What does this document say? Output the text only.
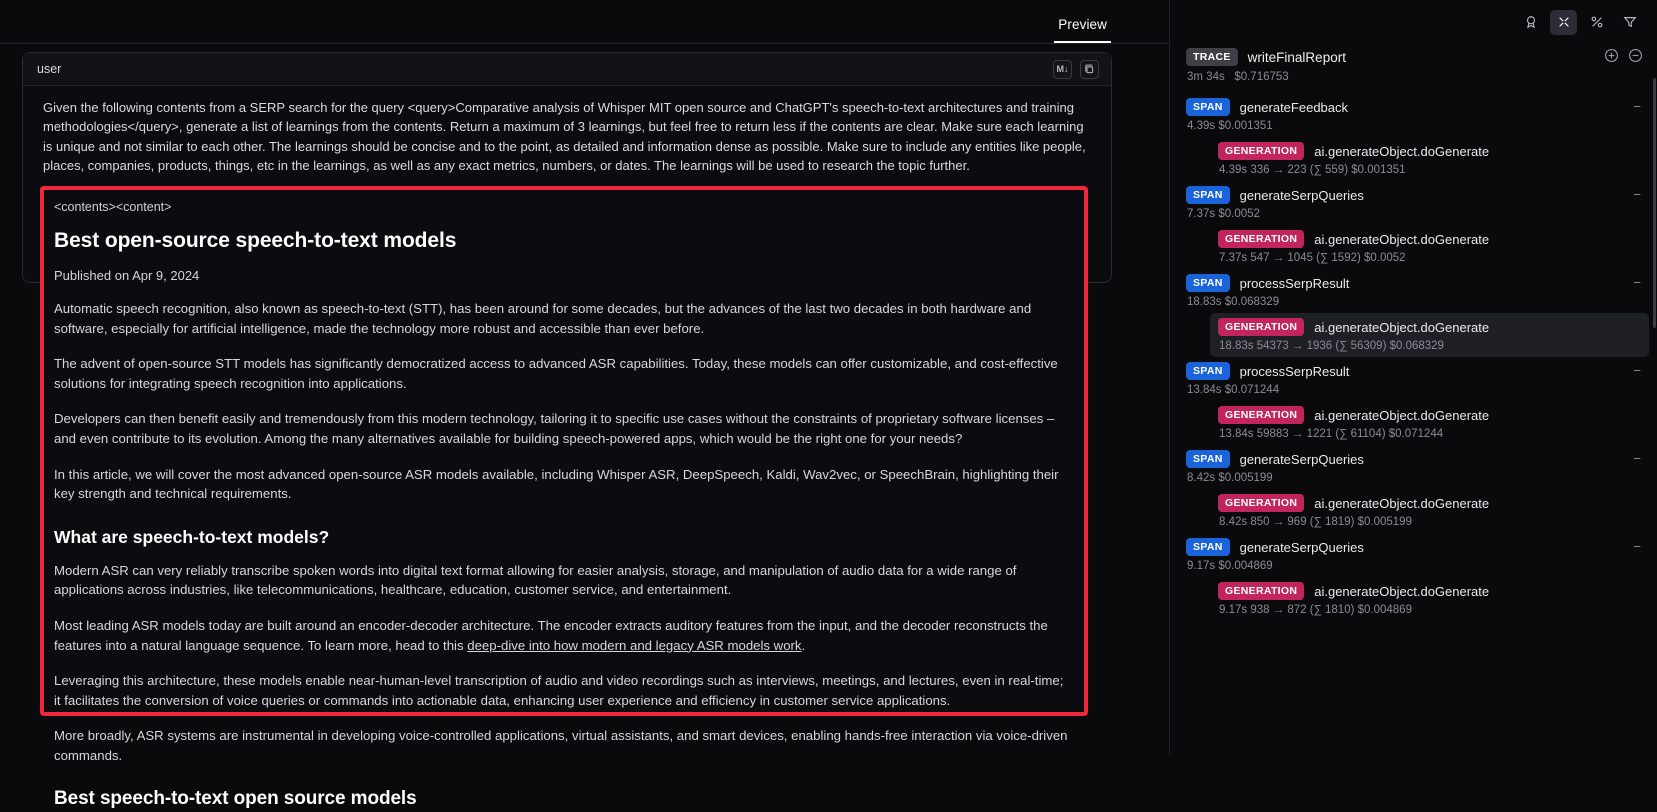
Preview
user	M↓

Given the following contents from a SERP search for the query <query>Comparative analysis of Whisper MIT open source and ChatGPT's speech-to-text architectures and training methodologies</query>, generate a list of learnings from the contents. Return a maximum of 3 learnings, but feel free to return less if the contents are clear. Make sure each learning is unique and not similar to each other. The learnings should be concise and to the point, as detailed and information dense as possible. Make sure to include any entities like people, places, companies, products, things, etc in the learnings, as well as any exact metrics, numbers, or dates. The learnings will be used to research the topic further.

<contents><content>
Best open-source speech-to-text models
Published on Apr 9, 2024

Automatic speech recognition, also known as speech-to-text (STT), has been around for some decades, but the advances of the last two decades in both hardware and software, especially for artificial intelligence, made the technology more robust and accessible than ever before.

The advent of open-source STT models has significantly democratized access to advanced ASR capabilities. Today, these models can offer customizable, and cost-effective solutions for integrating speech recognition into applications.

Developers can then benefit easily and tremendously from this modern technology, tailoring it to specific use cases without the constraints of proprietary software licenses – and even contribute to its evolution. Among the many alternatives available for building speech-powered apps, which would be the right one for your needs?

In this article, we will cover the most advanced open-source ASR models available, including Whisper ASR, DeepSpeech, Kaldi, Wav2vec, or SpeechBrain, highlighting their key strength and technical requirements.

What are speech-to-text models?

Modern ASR can very reliably transcribe spoken words into digital text format allowing for easier analysis, storage, and manipulation of audio data for a wide range of applications across industries, like telecommunications, healthcare, education, customer service, and entertainment.

Most leading ASR models today are built around an encoder-decoder architecture. The encoder extracts auditory features from the input, and the decoder reconstructs the features into a natural language sequence. To learn more, head to this deep-dive into how modern and legacy ASR models work.

Leveraging this architecture, these models enable near-human-level transcription of audio and video recordings such as interviews, meetings, and lectures, even in real-time; it facilitates the conversion of voice queries or commands into actionable data, enhancing user experience and efficiency in customer service applications.

More broadly, ASR systems are instrumental in developing voice-controlled applications, virtual assistants, and smart devices, enabling hands-free interaction via voice-driven commands.

Best speech-to-text open source models
TRACE	writeFinalReport
3m 34s $0.716753
SPAN	generateFeedback
4.39s $0.001351
−
GENERATION	ai.generateObject.doGenerate
4.39s 336 → 223 (∑ 559) $0.001351
SPAN	generateSerpQueries
7.37s $0.0052
−
GENERATION	ai.generateObject.doGenerate
7.37s 547 → 1045 (∑ 1592) $0.0052
SPAN	processSerpResult
18.83s $0.068329
−
GENERATION	ai.generateObject.doGenerate
18.83s 54373 → 1936 (∑ 56309) $0.068329
SPAN	processSerpResult
13.84s $0.071244
−
GENERATION	ai.generateObject.doGenerate
13.84s 59883 → 1221 (∑ 61104) $0.071244
SPAN	generateSerpQueries
8.42s $0.005199
−
GENERATION	ai.generateObject.doGenerate
8.42s 850 → 969 (∑ 1819) $0.005199
SPAN	generateSerpQueries
9.17s $0.004869
−
GENERATION	ai.generateObject.doGenerate
9.17s 938 → 872 (∑ 1810) $0.004869
